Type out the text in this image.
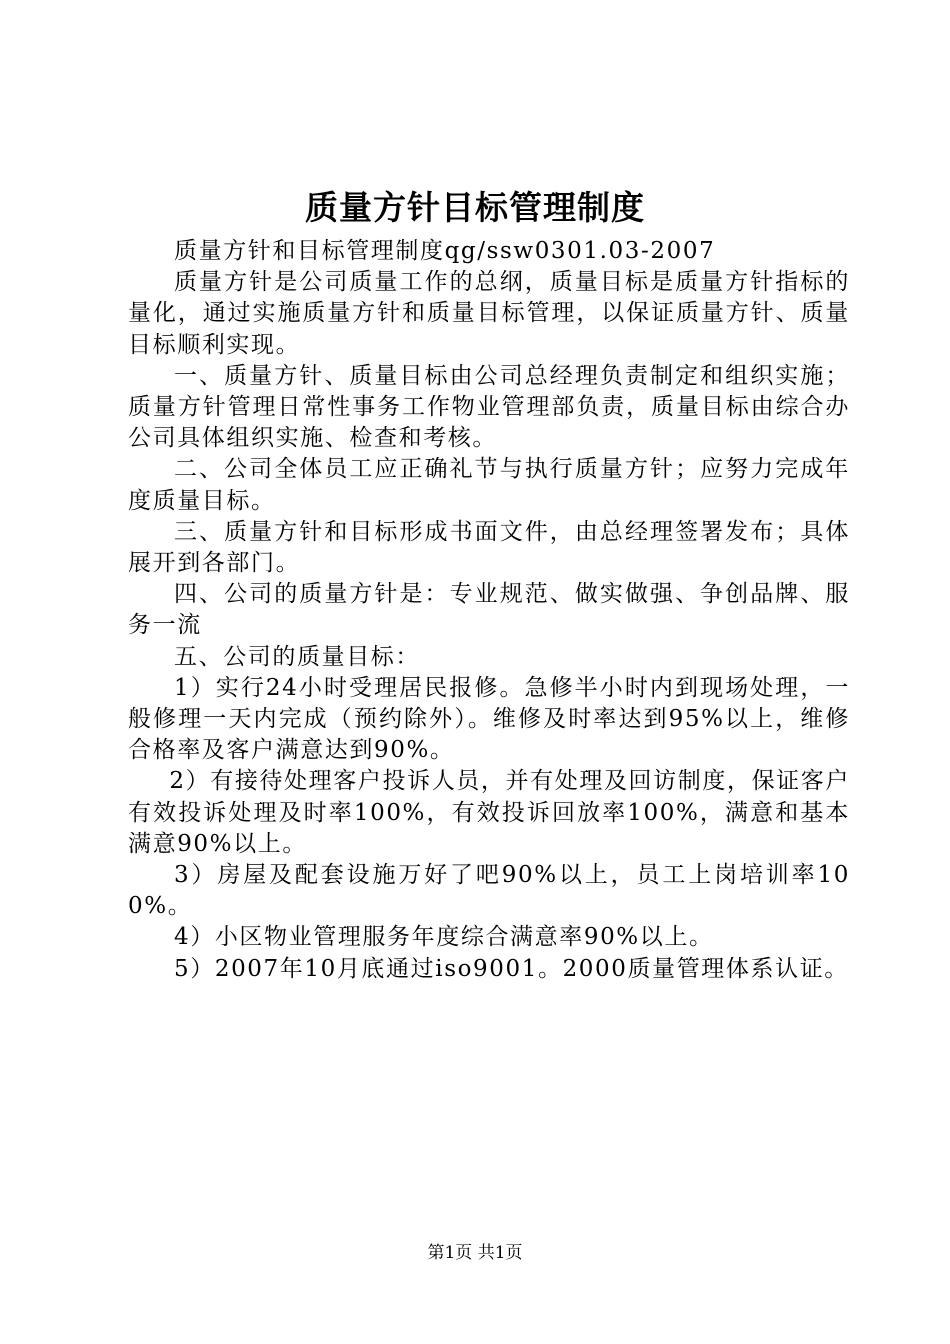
质量方针目标管理制度

质量方针和目标管理制度qg/ssw0301.03-2007

质量方针是公司质量工作的总纲，质量目标是质量方针指标的量化，通过实施质量方针和质量目标管理，以保证质量方针、质量目标顺利实现。

一、质量方针、质量目标由公司总经理负责制定和组织实施；质量方针管理日常性事务工作物业管理部负责，质量目标由综合办公司具体组织实施、检查和考核。

二、公司全体员工应正确礼节与执行质量方针；应努力完成年度质量目标。

三、质量方针和目标形成书面文件，由总经理签署发布；具体展开到各部门。

四、公司的质量方针是：专业规范、做实做强、争创品牌、服务一流

五、公司的质量目标：

1）实行24小时受理居民报修。急修半小时内到现场处理，一般修理一天内完成（预约除外）。维修及时率达到95%以上，维修合格率及客户满意达到90%。

2）有接待处理客户投诉人员，并有处理及回访制度，保证客户有效投诉处理及时率100%，有效投诉回放率100%，满意和基本满意90%以上。

3）房屋及配套设施万好了吧90%以上，员工上岗培训率100%。

4）小区物业管理服务年度综合满意率90%以上。

5）2007年10月底通过iso9001。2000质量管理体系认证。

第1页 共1页
